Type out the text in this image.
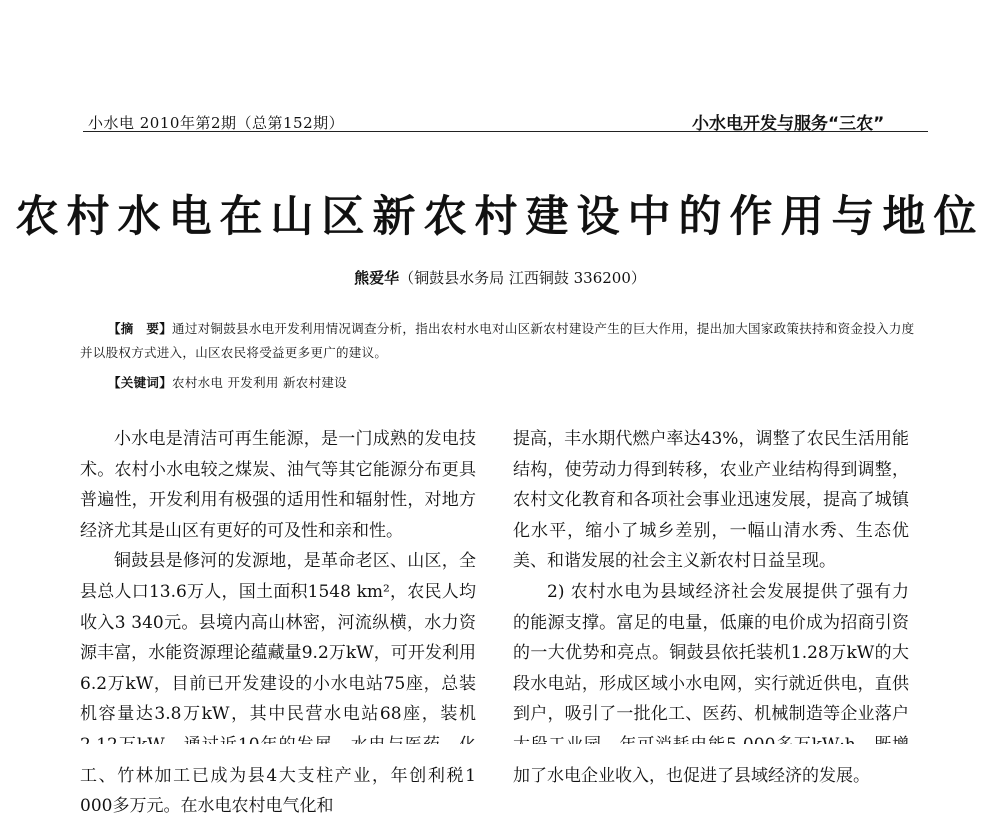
小水电 2010年第2期（总第152期）	小水电开发与服务“三农”
农村水电在山区新农村建设中的作用与地位
熊爱华（铜鼓县水务局 江西铜鼓 336200）
【摘　要】通过对铜鼓县水电开发利用情况调查分析，指出农村水电对山区新农村建设产生的巨大作用，提出加大国家政策扶持和资金投入力度并以股权方式进入，山区农民将受益更多更广的建议。
【关键词】农村水电 开发利用 新农村建设

小水电是清洁可再生能源，是一门成熟的发电技术。农村小水电较之煤炭、油气等其它能源分布更具普遍性，开发利用有极强的适用性和辐射性，对地方经济尤其是山区有更好的可及性和亲和性。

铜鼓县是修河的发源地，是革命老区、山区，全县总人口13.6万人，国土面积1548 km²，农民人均收入3 340元。县境内高山林密，河流纵横，水力资源丰富，水能资源理论蕴藏量9.2万kW，可开发利用6.2万kW，目前已开发建设的小水电站75座，总装机容量达3.8万kW，其中民营水电站68座，装机 工、竹林加工已成为县4大支柱产业，年创利税1 000多万元。在水电农村电气化和

提高，丰水期代燃户率达43%，调整了农民生活用能结构，使劳动力得到转移，农业产业结构得到调整，农村文化教育和各项社会事业迅速发展，提高了城镇化水平，缩小了城乡差别，一幅山清水秀、生态优美、和谐发展的社会主义新农村日益呈现。

2) 农村水电为县域经济社会发展提供了强有力的能源支撑。富足的电量，低廉的电价成为招商引资的一大优势和亮点。铜鼓县依托装机1.28万kW的大段水电站，形成区域小水电网，实行就近供电，直供到户，吸引了一批化工、医药、机械制造等企业落户 加了水电企业收入，也促进了县域经济的发展。
